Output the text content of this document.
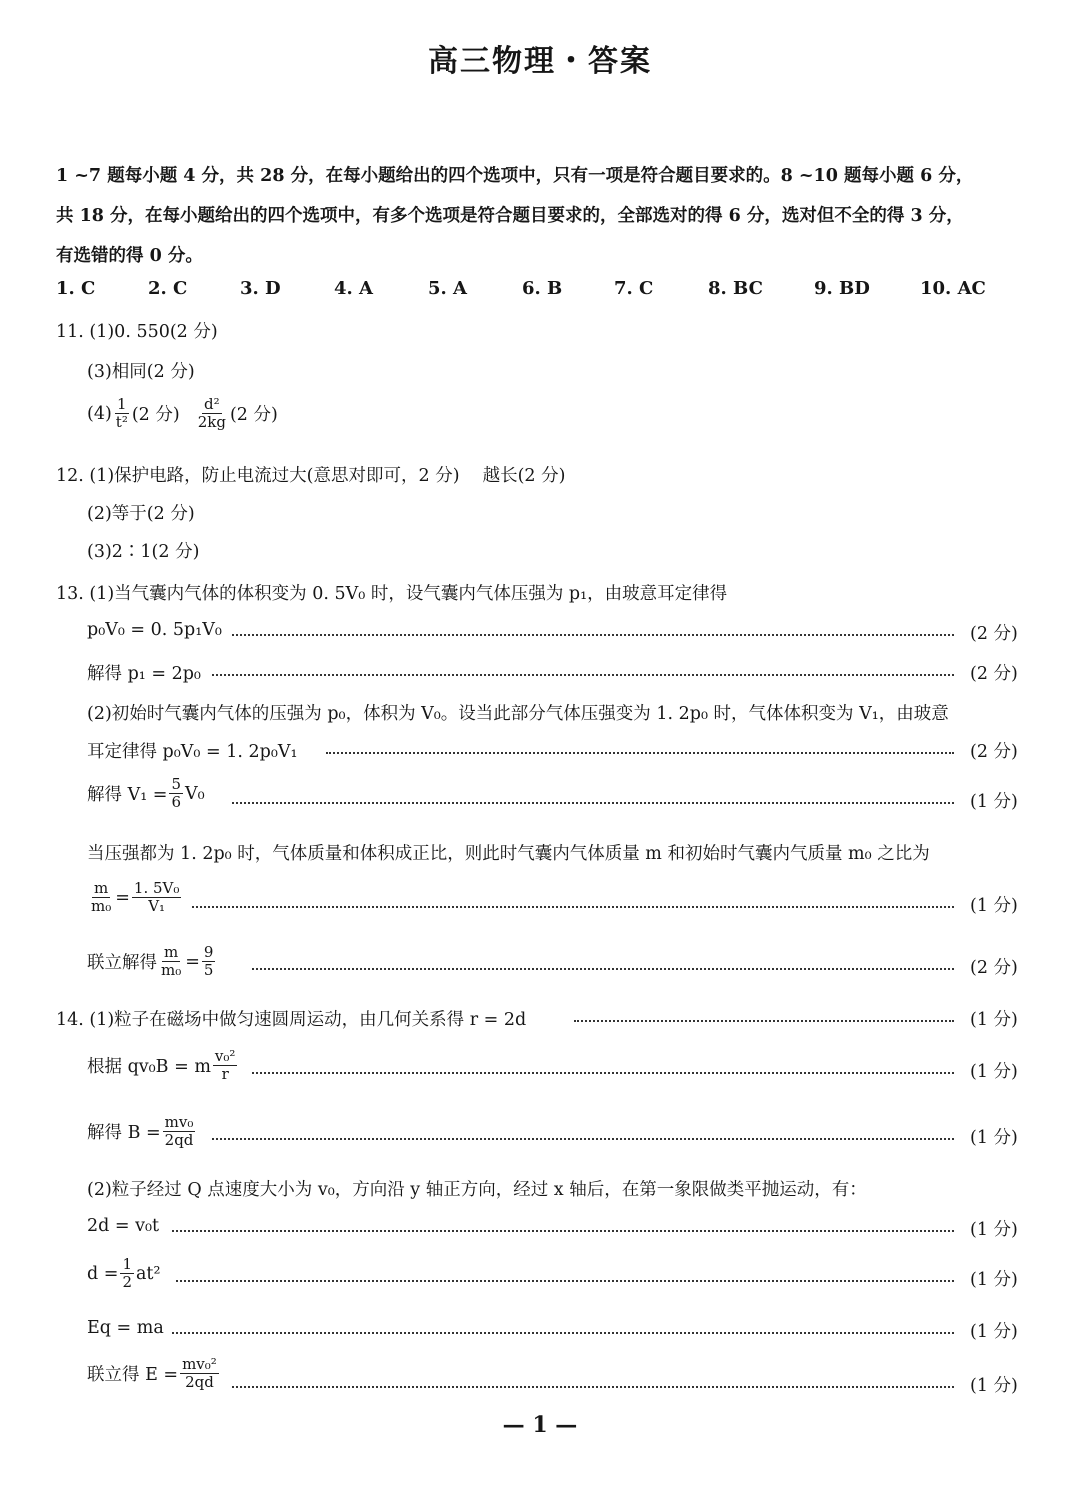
高三物理・答案
1 ~7 题每小题 4 分，共 28 分，在每小题给出的四个选项中，只有一项是符合题目要求的。8 ~10 题每小题 6 分，
共 18 分，在每小题给出的四个选项中，有多个选项是符合题目要求的，全部选对的得 6 分，选对但不全的得 3 分，
有选错的得 0 分。
1. C	2. C	3. D	4. A	5. A	6. B	7. C	8. BC	9. BD	10. AC
11. (1)0. 550(2 分)
(3)相同(2 分)
$(4) \frac{1}{\text{t²}} (2$ 分) $\frac{\text{d²}}{2kg} (2$ 分)
12. (1)保护电路，防止电流过大(意思对即可，2 分)　 越长(2 分)
(2)等于(2 分)
(3)2∶1(2 分)
13. (1)当气囊内气体的体积变为 0. 5V₀ 时，设气囊内气体压强为 p₁，由玻意耳定律得
p₀V₀ = 0. 5p₁V₀	(2 分)
解得 p₁ = 2p₀	(2 分)
(2)初始时气囊内气体的压强为 p₀，体积为 V₀。设当此部分气体压强变为 1. 2p₀ 时，气体体积变为 V₁，由玻意
耳定律得 p₀V₀ = 1. 2p₀V₁	(2 分)
解得 $V_1 = \frac{5}{6} V_0$	(1 分)
当压强都为 1. 2p₀ 时，气体质量和体积成正比，则此时气囊内气体质量 m 和初始时气囊内气质量 m₀ 之比为
$\frac{m}{\text{m₀}} = \frac{\text{1. 5V₀}}{\text{V₁}}$	(1 分)
联立解得 $\frac{m}{\text{m₀}} = \frac{9}{5}$	(2 分)
14. (1)粒子在磁场中做匀速圆周运动，由几何关系得 r = 2d	(1 分)
根据 qv₀B = m $\frac{\text{v₀²}}{r}$	(1 分)
解得 $B = \frac{\text{mv₀}}{2qd}$	(1 分)
(2)粒子经过 Q 点速度大小为 v₀，方向沿 y 轴正方向，经过 x 轴后，在第一象限做类平抛运动，有：
2d = v₀t	(1 分)
$d = \frac{1}{2} at^2$	(1 分)
Eq = ma	(1 分)
联立得 $E = \frac{\text{mv₀²}}{2qd}$	(1 分)
— 1 —
